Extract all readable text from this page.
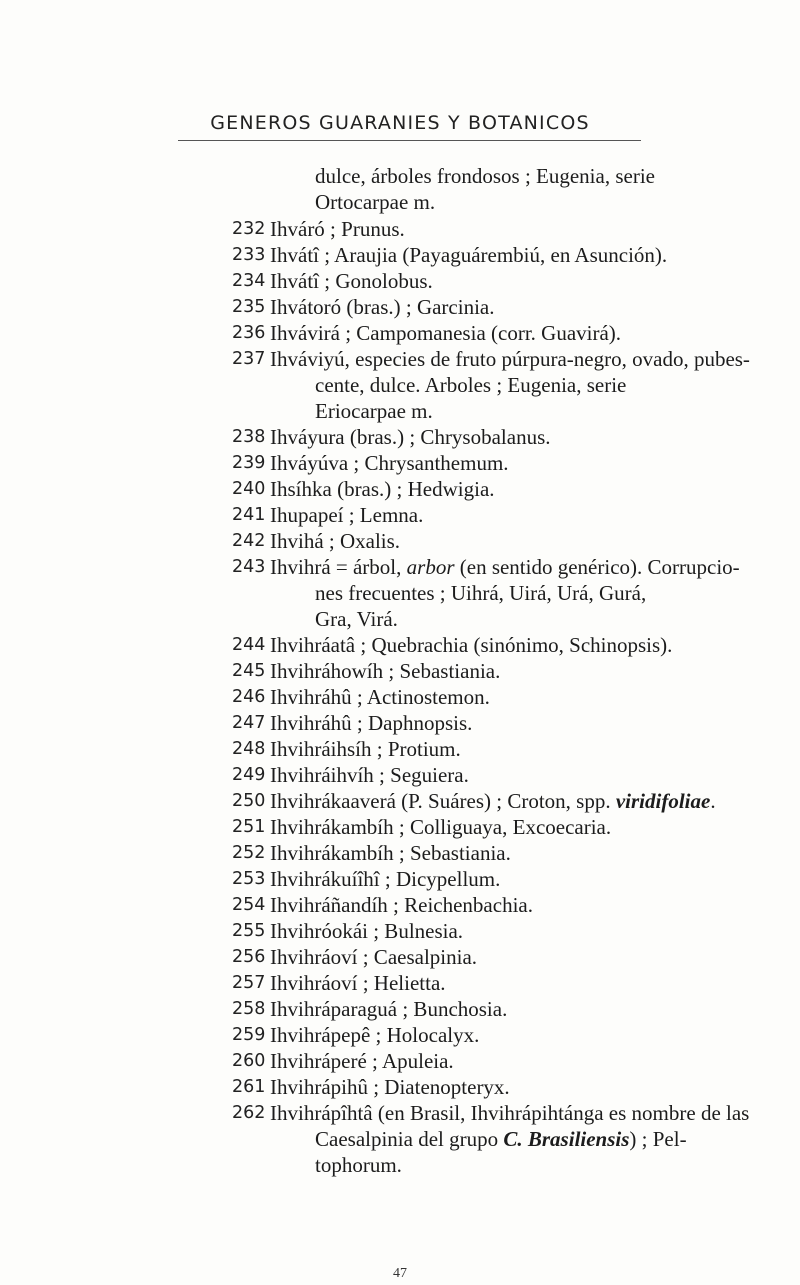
GENEROS GUARANIES Y BOTANICOS
dulce, árboles frondosos ; Eugenia, serie
Ortocarpae m.
232 Ihváró ; Prunus.
233 Ihvátî ; Araujia (Payaguárembiú, en Asunción).
234 Ihvátî ; Gonolobus.
235 Ihvátoró (bras.) ; Garcinia.
236 Ihvávirá ; Campomanesia (corr. Guavirá).
237 Ihváviyú, especies de fruto púrpura-negro, ovado, pubes-
cente, dulce. Arboles ; Eugenia, serie
Eriocarpae m.
238 Ihváyura (bras.) ; Chrysobalanus.
239 Ihváyúva ; Chrysanthemum.
240 Ihsíhka (bras.) ; Hedwigia.
241 Ihupapeí ; Lemna.
242 Ihvihá ; Oxalis.
243 Ihvihrá = árbol, arbor (en sentido genérico). Corrupcio-
nes frecuentes ; Uihrá, Uirá, Urá, Gurá,
Gra, Virá.
244 Ihvihráatâ ; Quebrachia (sinónimo, Schinopsis).
245 Ihvihráhowíh ; Sebastiania.
246 Ihvihráhû ; Actinostemon.
247 Ihvihráhû ; Daphnopsis.
248 Ihvihráihsíh ; Protium.
249 Ihvihráihvíh ; Seguiera.
250 Ihvihrákaaverá (P. Suáres) ; Croton, spp. viridifoliae.
251 Ihvihrákambíh ; Colliguaya, Excoecaria.
252 Ihvihrákambíh ; Sebastiania.
253 Ihvihrákuíîhî ; Dicypellum.
254 Ihvihráñandíh ; Reichenbachia.
255 Ihvihróokái ; Bulnesia.
256 Ihvihráoví ; Caesalpinia.
257 Ihvihráoví ; Helietta.
258 Ihvihráparaguá ; Bunchosia.
259 Ihvihrápepê ; Holocalyx.
260 Ihvihráperé ; Apuleia.
261 Ihvihrápihû ; Diatenopteryx.
262 Ihvihrápîhtâ (en Brasil, Ihvihrápihtánga es nombre de las
Caesalpinia del grupo C. Brasiliensis) ; Pel-
tophorum.
47
